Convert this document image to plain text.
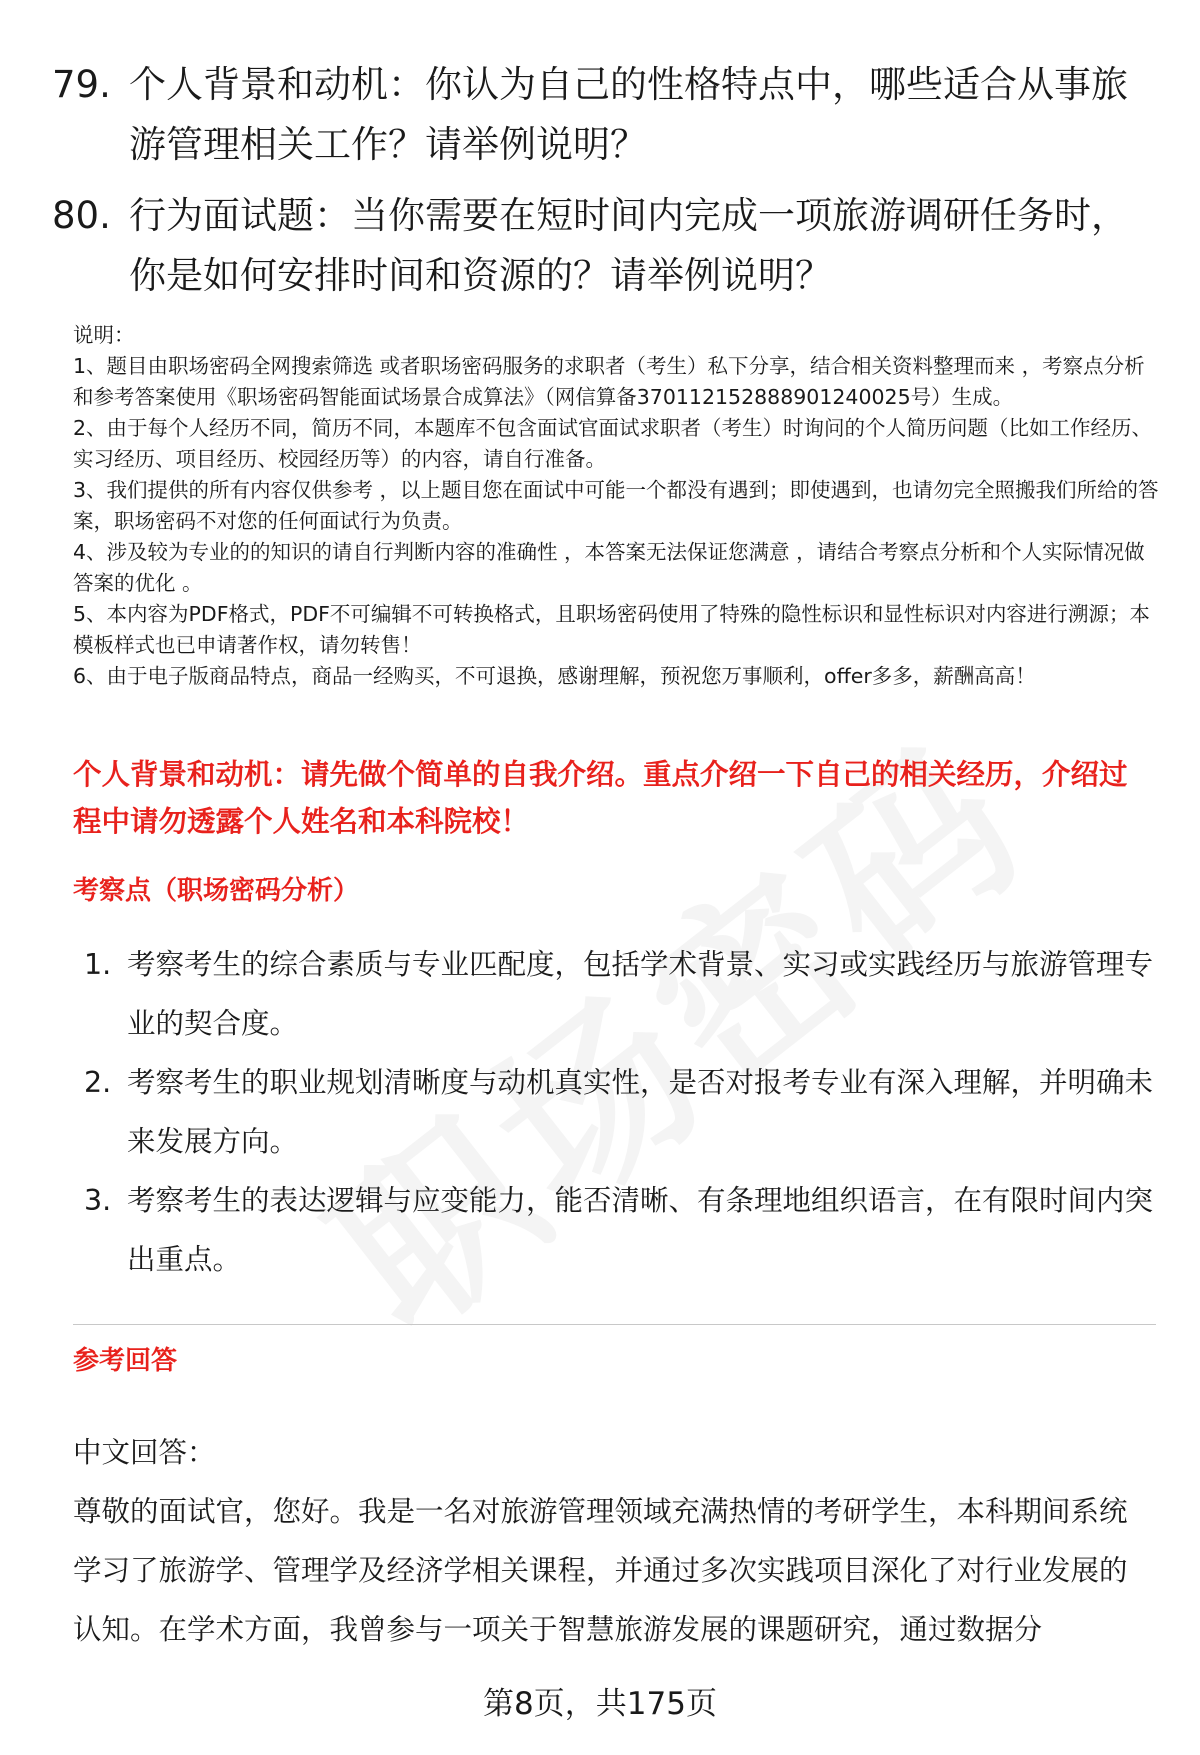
79. 个人背景和动机：你认为自己的性格特点中，哪些适合从事旅游管理相关工作？请举例说明？
80. 行为面试题：当你需要在短时间内完成一项旅游调研任务时，你是如何安排时间和资源的？请举例说明？
说明：
1、题目由职场密码全网搜索筛选 或者职场密码服务的求职者（考生）私下分享，结合相关资料整理而来 ，考察点分析和参考答案使用《职场密码智能面试场景合成算法》（网信算备370112152888901240025号）生成。
2、由于每个人经历不同，简历不同，本题库不包含面试官面试求职者（考生）时询问的个人简历问题（比如工作经历、实习经历、项目经历、校园经历等）的内容，请自行准备。
3、我们提供的所有内容仅供参考 ，以上题目您在面试中可能一个都没有遇到；即使遇到，也请勿完全照搬我们所给的答案，职场密码不对您的任何面试行为负责。
4、涉及较为专业的的知识的请自行判断内容的准确性 ，本答案无法保证您满意 ，请结合考察点分析和个人实际情况做答案的优化 。
5、本内容为PDF格式，PDF不可编辑不可转换格式，且职场密码使用了特殊的隐性标识和显性标识对内容进行溯源；本模板样式也已申请著作权，请勿转售！
6、由于电子版商品特点，商品一经购买，不可退换，感谢理解，预祝您万事顺利，offer多多，薪酬高高！
个人背景和动机：请先做个简单的自我介绍。重点介绍一下自己的相关经历，介绍过程中请勿透露个人姓名和本科院校！
考察点（职场密码分析）
1. 考察考生的综合素质与专业匹配度，包括学术背景、实习或实践经历与旅游管理专业的契合度。
2. 考察考生的职业规划清晰度与动机真实性，是否对报考专业有深入理解，并明确未来发展方向。
3. 考察考生的表达逻辑与应变能力，能否清晰、有条理地组织语言，在有限时间内突出重点。
参考回答
中文回答：
尊敬的面试官，您好。我是一名对旅游管理领域充满热情的考研学生，本科期间系统学习了旅游学、管理学及经济学相关课程，并通过多次实践项目深化了对行业发展的认知。在学术方面，我曾参与一项关于智慧旅游发展的课题研究，通过数据分
第8页，共175页
